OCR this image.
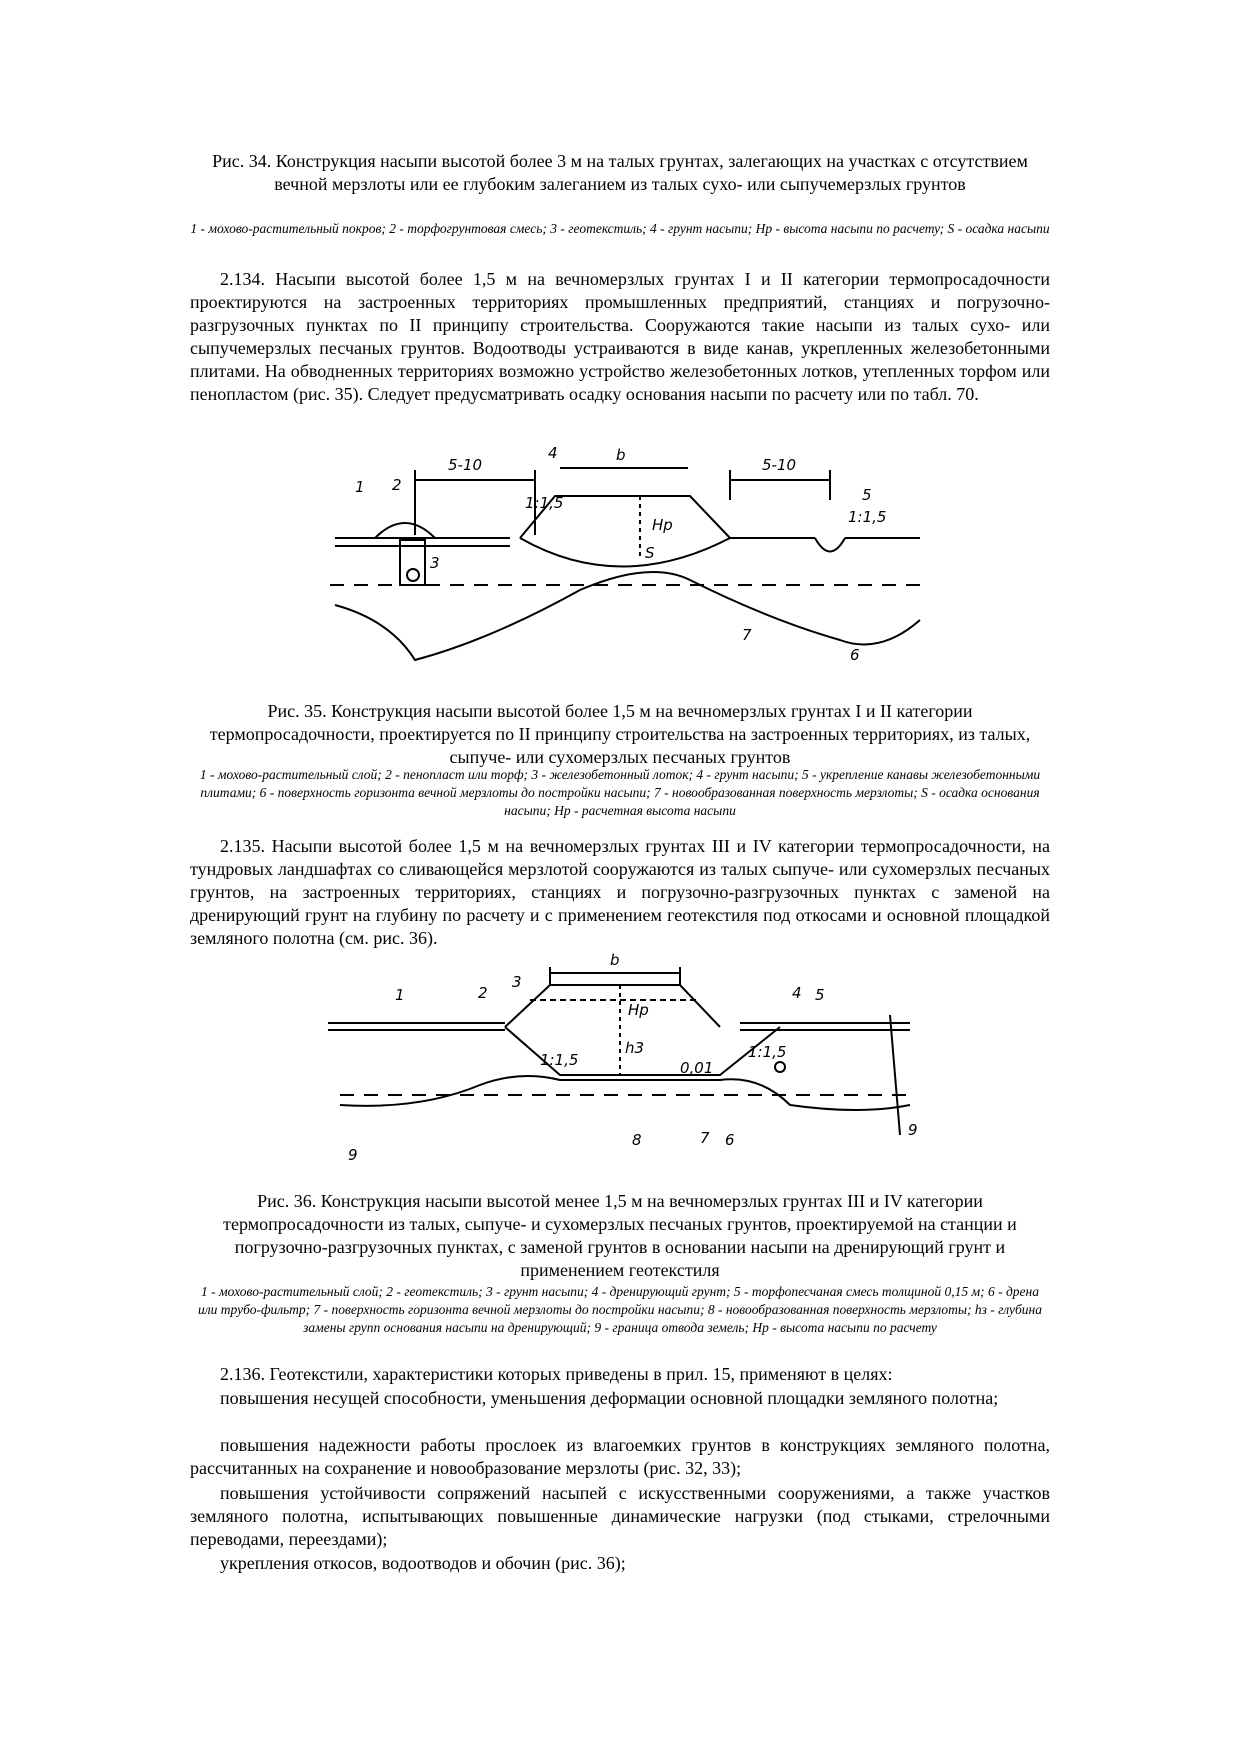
Рис. 34. Конструкция насыпи высотой более 3 м на талых грунтах, залегающих на участках с отсутствием вечной мерзлоты или ее глубоким залеганием из талых сухо- или сыпучемерзлых грунтов
1 - мохово-растительный покров; 2 - торфогрунтовая смесь; 3 - геотекстиль; 4 - грунт насыпи; Hр - высота насыпи по расчету; S - осадка насыпи
2.134. Насыпи высотой более 1,5 м на вечномерзлых грунтах I и II категории термопросадочности проектируются на застроенных территориях промышленных предприятий, станциях и погрузочно-разгрузочных пунктах по II принципу строительства. Сооружаются такие насыпи из талых сухо- или сыпучемерзлых песчаных грунтов. Водоотводы устраиваются в виде канав, укрепленных железобетонными плитами. На обводненных территориях возможно устройство железобетонных лотков, утепленных торфом или пенопластом (рис. 35). Следует предусматривать осадку основания насыпи по расчету или по табл. 70.
5-10
b
5-10
1:1,5
1:1,5
Hр
S
1 2
3
4
5
6
7
Рис. 35. Конструкция насыпи высотой более 1,5 м на вечномерзлых грунтах I и II категории термопросадочности, проектируется по II принципу строительства на застроенных территориях, из талых, сыпуче- или сухомерзлых песчаных грунтов
1 - мохово-растительный слой; 2 - пенопласт или торф; 3 - железобетонный лоток; 4 - грунт насыпи; 5 - укрепление канавы железобетонными плитами; 6 - поверхность горизонта вечной мерзлоты до постройки насыпи; 7 - новообразованная поверхность мерзлоты; S - осадка основания насыпи; Hр - расчетная высота насыпи
2.135. Насыпи высотой более 1,5 м на вечномерзлых грунтах III и IV категории термопросадочности, на тундровых ландшафтах со сливающейся мерзлотой сооружаются из талых сыпуче- или сухомерзлых песчаных грунтов, на застроенных территориях, станциях и погрузочно-разгрузочных пунктах с заменой на дренирующий грунт на глубину по расчету и с применением геотекстиля под откосами и основной площадкой земляного полотна (см. рис. 36).
b
1:1,5	1:1,5
Hр
h3
0,01
1	2
3
4 5
6
7
8
9
9
Рис. 36. Конструкция насыпи высотой менее 1,5 м на вечномерзлых грунтах III и IV категории термопросадочности из талых, сыпуче- и сухомерзлых песчаных грунтов, проектируемой на станции и погрузочно-разгрузочных пунктах, с заменой грунтов в основании насыпи на дренирующий грунт и применением геотекстиля
1 - мохово-растительный слой; 2 - геотекстиль; 3 - грунт насыпи; 4 - дренирующий грунт; 5 - торфопесчаная смесь толщиной 0,15 м; 6 - дрена или трубо-фильтр; 7 - поверхность горизонта вечной мерзлоты до постройки насыпи; 8 - новообразованная поверхность мерзлоты; hз - глубина замены групп основания насыпи на дренирующий; 9 - граница отвода земель; Hр - высота насыпи по расчету
2.136. Геотекстили, характеристики которых приведены в прил. 15, применяют в целях:
повышения несущей способности, уменьшения деформации основной площадки земляного полотна;
повышения надежности работы прослоек из влагоемких грунтов в конструкциях земляного полотна, рассчитанных на сохранение и новообразование мерзлоты (рис. 32, 33);
повышения устойчивости сопряжений насыпей с искусственными сооружениями, а также участков земляного полотна, испытывающих повышенные динамические нагрузки (под стыками, стрелочными переводами, переездами);
укрепления откосов, водоотводов и обочин (рис. 36);
